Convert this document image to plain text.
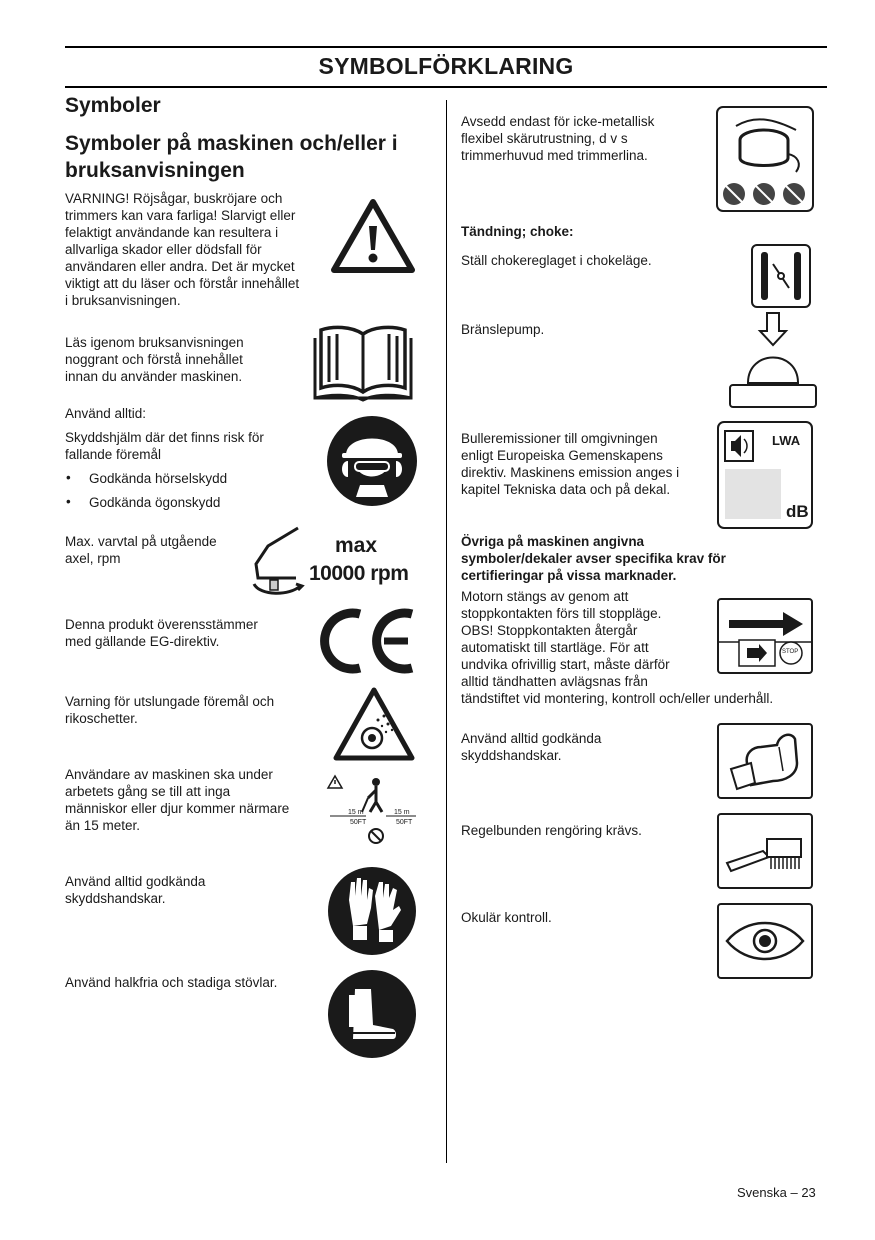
SYMBOLFÖRKLARING
Symboler
Symboler på maskinen och/eller i bruksanvisningen
VARNING! Röjsågar, buskröjare och
trimmers kan vara farliga! Slarvigt eller
felaktigt användande kan resultera i
allvarliga skador eller dödsfall för
användaren eller andra. Det är mycket
viktigt att du läser och förstår innehållet
i bruksanvisningen.
Läs igenom bruksanvisningen
noggrant och förstå innehållet
innan du använder maskinen.
Använd alltid:
Skyddshjälm där det finns risk för
fallande föremål
• Godkända hörselskydd
• Godkända ögonskydd
Max. varvtal på utgående
axel, rpm
max
10000 rpm
Denna produkt överensstämmer
med gällande EG-direktiv.
Varning för utslungade föremål och
rikoschetter.
Användare av maskinen ska under
arbetets gång se till att inga
människor eller djur kommer närmare
än 15 meter.
15 m
50FT
15 m
50FT
Använd alltid godkända
skyddshandskar.
Använd halkfria och stadiga stövlar.
Avsedd endast för icke-metallisk
flexibel skärutrustning, d v s
trimmerhuvud med trimmerlina.
Tändning; choke:
Ställ chokereglaget i chokeläge.
Bränslepump.
Bulleremissioner till omgivningen
enligt Europeiska Gemenskapens
direktiv. Maskinens emission anges i
kapitel Tekniska data och på dekal.
LWA
dB
Övriga på maskinen angivna
symboler/dekaler avser specifika krav för
certifieringar på vissa marknader.
Motorn stängs av genom att
stoppkontakten förs till stoppläge.
OBS! Stoppkontakten återgår
automatiskt till startläge. För att
undvika ofrivillig start, måste därför
alltid tändhatten avlägsnas från
tändstiftet vid montering, kontroll och/eller underhåll.
STOP
Använd alltid godkända
skyddshandskar.
Regelbunden rengöring krävs.
Okulär kontroll.
Svenska – 23
